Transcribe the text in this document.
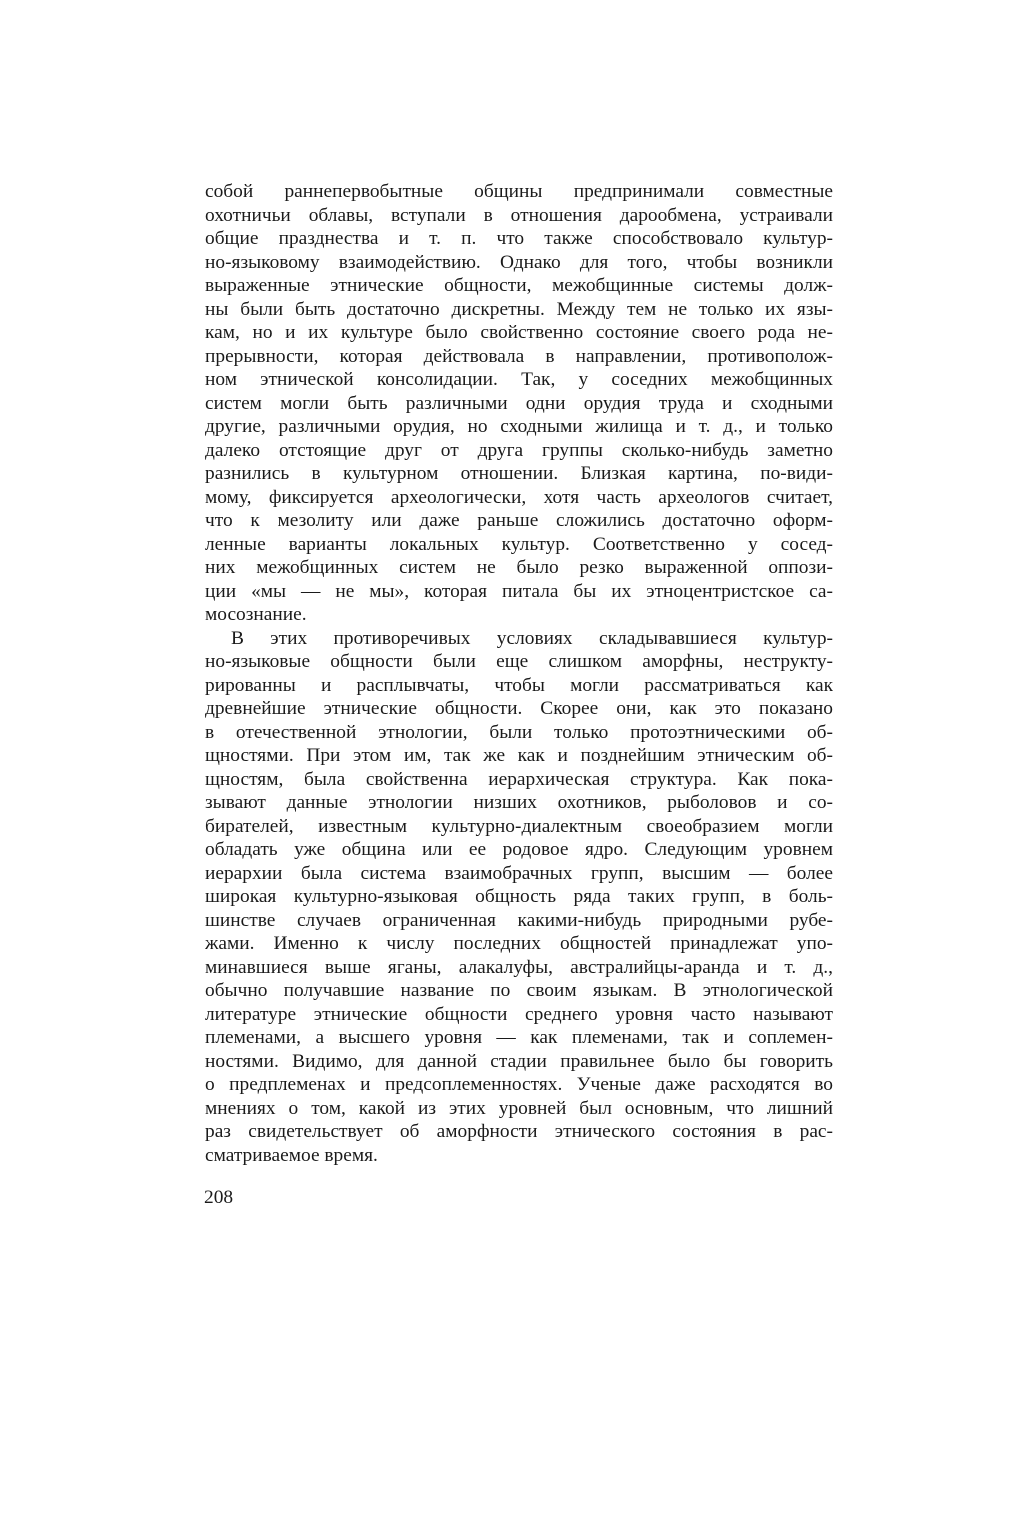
собой раннепервобытные общины предпринимали совместные
охотничьи облавы, вступали в отношения дарообмена, устраивали
общие празднества и т. п. что также способствовало культур-
но-языковому взаимодействию. Однако для того, чтобы возникли
выраженные этнические общности, межобщинные системы долж-
ны были быть достаточно дискретны. Между тем не только их язы-
кам, но и их культуре было свойственно состояние своего рода не-
прерывности, которая действовала в направлении, противополож-
ном этнической консолидации. Так, у соседних межобщинных
систем могли быть различными одни орудия труда и сходными
другие, различными орудия, но сходными жилища и т. д., и только
далеко отстоящие друг от друга группы сколько-нибудь заметно
разнились в культурном отношении. Близкая картина, по-види-
мому, фиксируется археологически, хотя часть археологов считает,
что к мезолиту или даже раньше сложились достаточно оформ-
ленные варианты локальных культур. Соответственно у сосед-
них межобщинных систем не было резко выраженной оппози-
ции «мы — не мы», которая питала бы их этноцентристское са-
мосознание.
В этих противоречивых условиях складывавшиеся культур-
но-языковые общности были еще слишком аморфны, неструкту-
рированны и расплывчаты, чтобы могли рассматриваться как
древнейшие этнические общности. Скорее они, как это показано
в отечественной этнологии, были только протоэтническими об-
щностями. При этом им, так же как и позднейшим этническим об-
щностям, была свойственна иерархическая структура. Как пока-
зывают данные этнологии низших охотников, рыболовов и со-
бирателей, известным культурно-диалектным своеобразием могли
обладать уже община или ее родовое ядро. Следующим уровнем
иерархии была система взаимобрачных групп, высшим — более
широкая культурно-языковая общность ряда таких групп, в боль-
шинстве случаев ограниченная какими-нибудь природными рубе-
жами. Именно к числу последних общностей принадлежат упо-
минавшиеся выше яганы, алакалуфы, австралийцы-аранда и т. д.,
обычно получавшие название по своим языкам. В этнологической
литературе этнические общности среднего уровня часто называют
племенами, а высшего уровня — как племенами, так и соплемен-
ностями. Видимо, для данной стадии правильнее было бы говорить
о предплеменах и предсоплеменностях. Ученые даже расходятся во
мнениях о том, какой из этих уровней был основным, что лишний
раз свидетельствует об аморфности этнического состояния в рас-
сматриваемое время.
208
